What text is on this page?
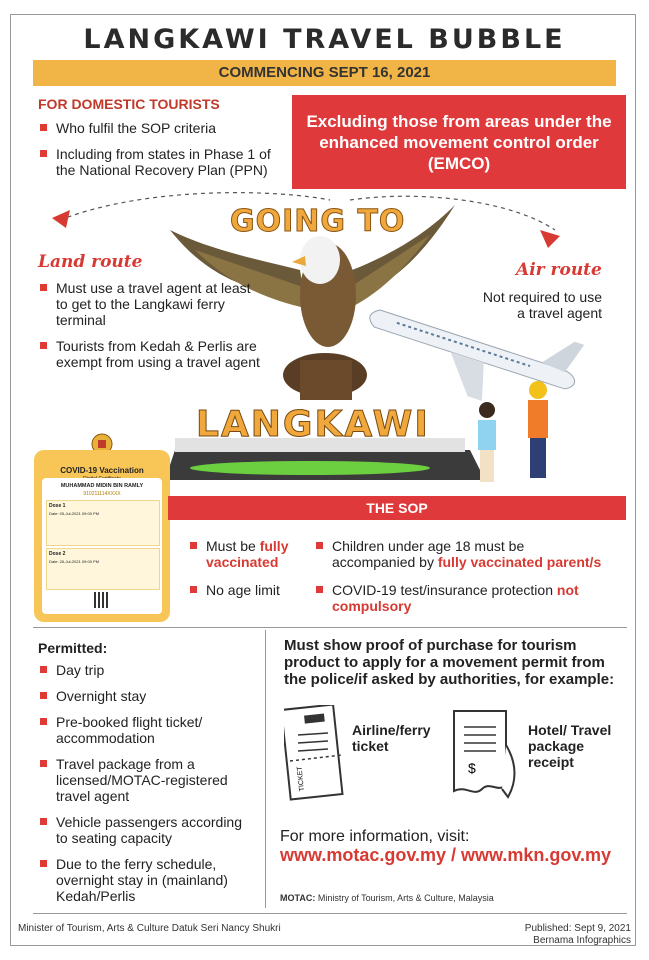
LANGKAWI TRAVEL BUBBLE
COMMENCING SEPT 16, 2021
FOR DOMESTIC TOURISTS
Who fulfil the SOP criteria
Including from states in Phase 1 of the National Recovery Plan (PPN)
Excluding those from areas under the enhanced movement control order (EMCO)
Land route	Air route
GOING TO
LANGKAWI
Must use a travel agent at least to get to the Langkawi ferry terminal
Tourists from Kedah & Perlis are exempt from using a travel agent
Not required to use a travel agent
COVID-19 Vaccination
MUHAMMAD MIDIN BIN RAMLY
910211114XXXX
Dose 1
Date: 05-Jul-2021 09:00 PM
Dose 2
Date: 26-Jul-2021 09:00 PM
THE SOP
Must be fully vaccinated
No age limit
Children under age 18 must be accompanied by fully vaccinated parent/s
COVID-19 test/insurance protection not compulsory
Permitted:
Day trip
Overnight stay
Pre-booked flight ticket/ accommodation
Travel package from a licensed/MOTAC-registered travel agent
Vehicle passengers according to seating capacity
Due to the ferry schedule, overnight stay in (mainland) Kedah/Perlis
Must show proof of purchase for tourism product to apply for a movement permit from the police/if asked by authorities, for example:
TICKET
Airline/ferry ticket
$
Hotel/ Travel package receipt
For more information, visit:
www.motac.gov.my / www.mkn.gov.my
MOTAC: Ministry of Tourism, Arts & Culture, Malaysia
Minister of Tourism, Arts & Culture Datuk Seri Nancy Shukri	Published: Sept 9, 2021
Bernama Infographics
